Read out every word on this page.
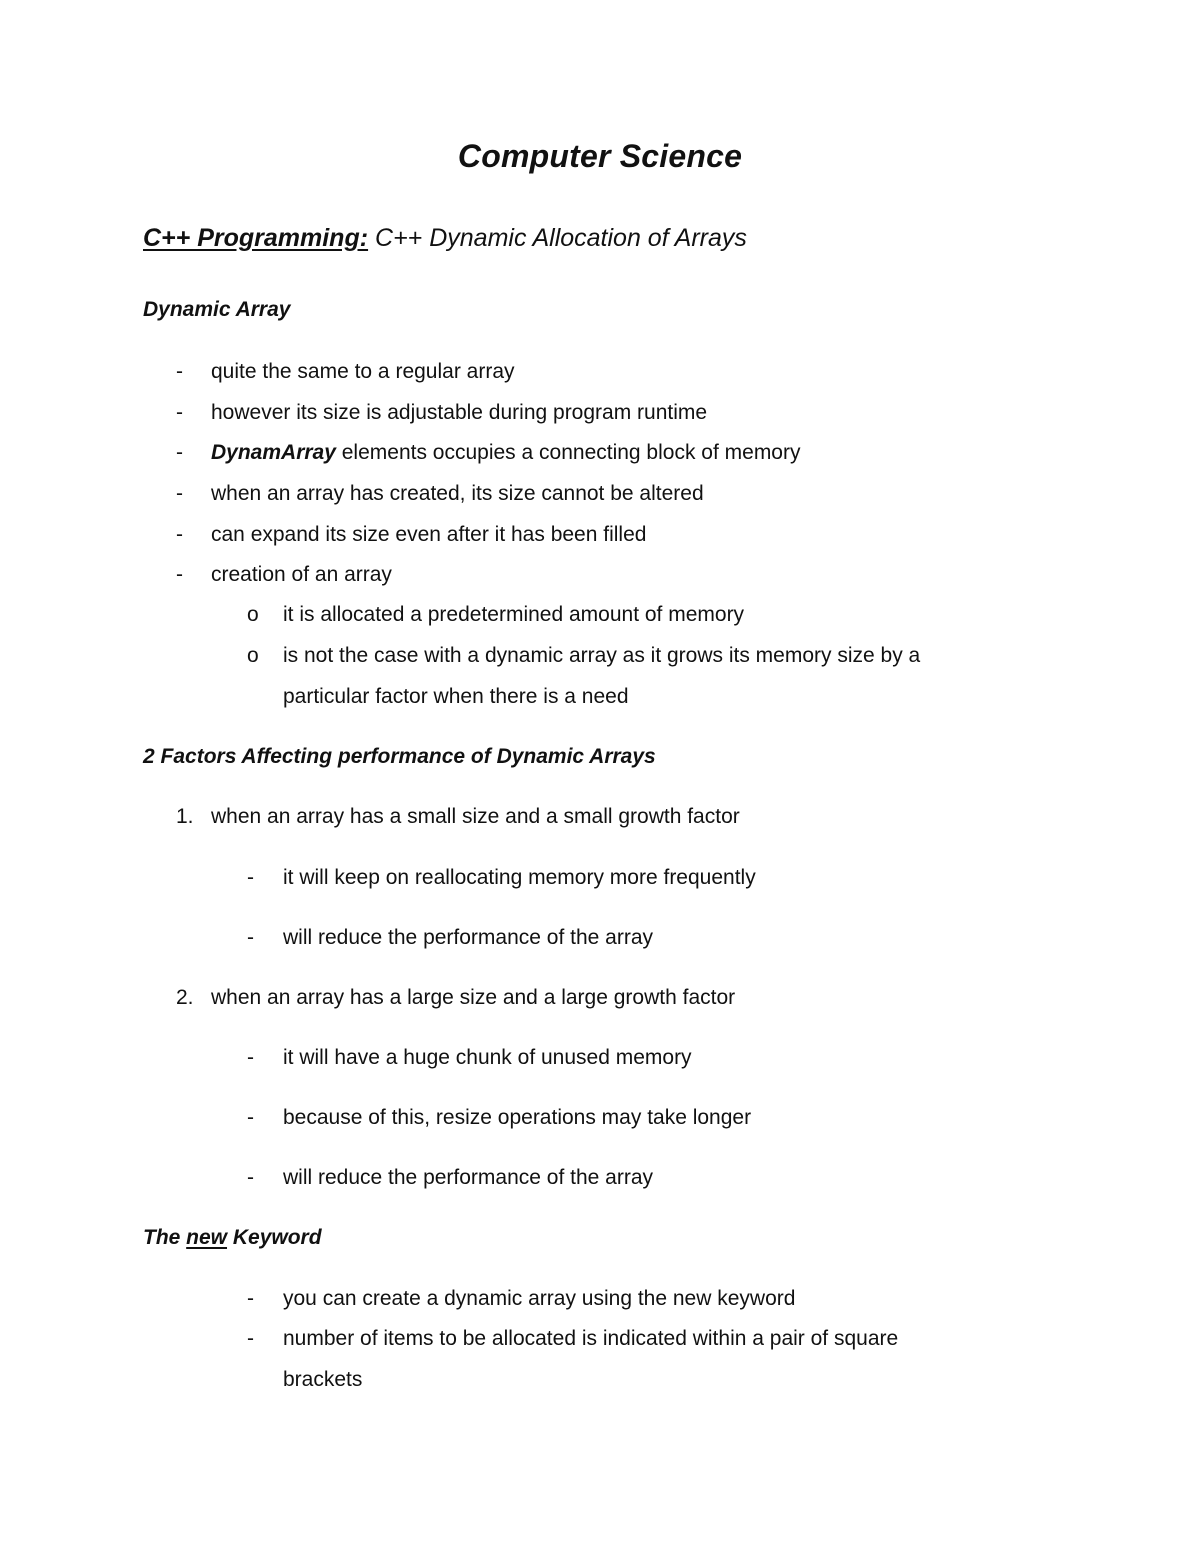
Computer Science
C++ Programming: C++ Dynamic Allocation of Arrays
Dynamic Array
- quite the same to a regular array
- however its size is adjustable during program runtime
- DynamArray elements occupies a connecting block of memory
- when an array has created, its size cannot be altered
- can expand its size even after it has been filled
- creation of an array
o it is allocated a predetermined amount of memory
o is not the case with a dynamic array as it grows its memory size by a
particular factor when there is a need
2 Factors Affecting performance of Dynamic Arrays
1. when an array has a small size and a small growth factor
- it will keep on reallocating memory more frequently
- will reduce the performance of the array
2. when an array has a large size and a large growth factor
- it will have a huge chunk of unused memory
- because of this, resize operations may take longer
- will reduce the performance of the array
The new Keyword
- you can create a dynamic array using the new keyword
- number of items to be allocated is indicated within a pair of square
brackets
